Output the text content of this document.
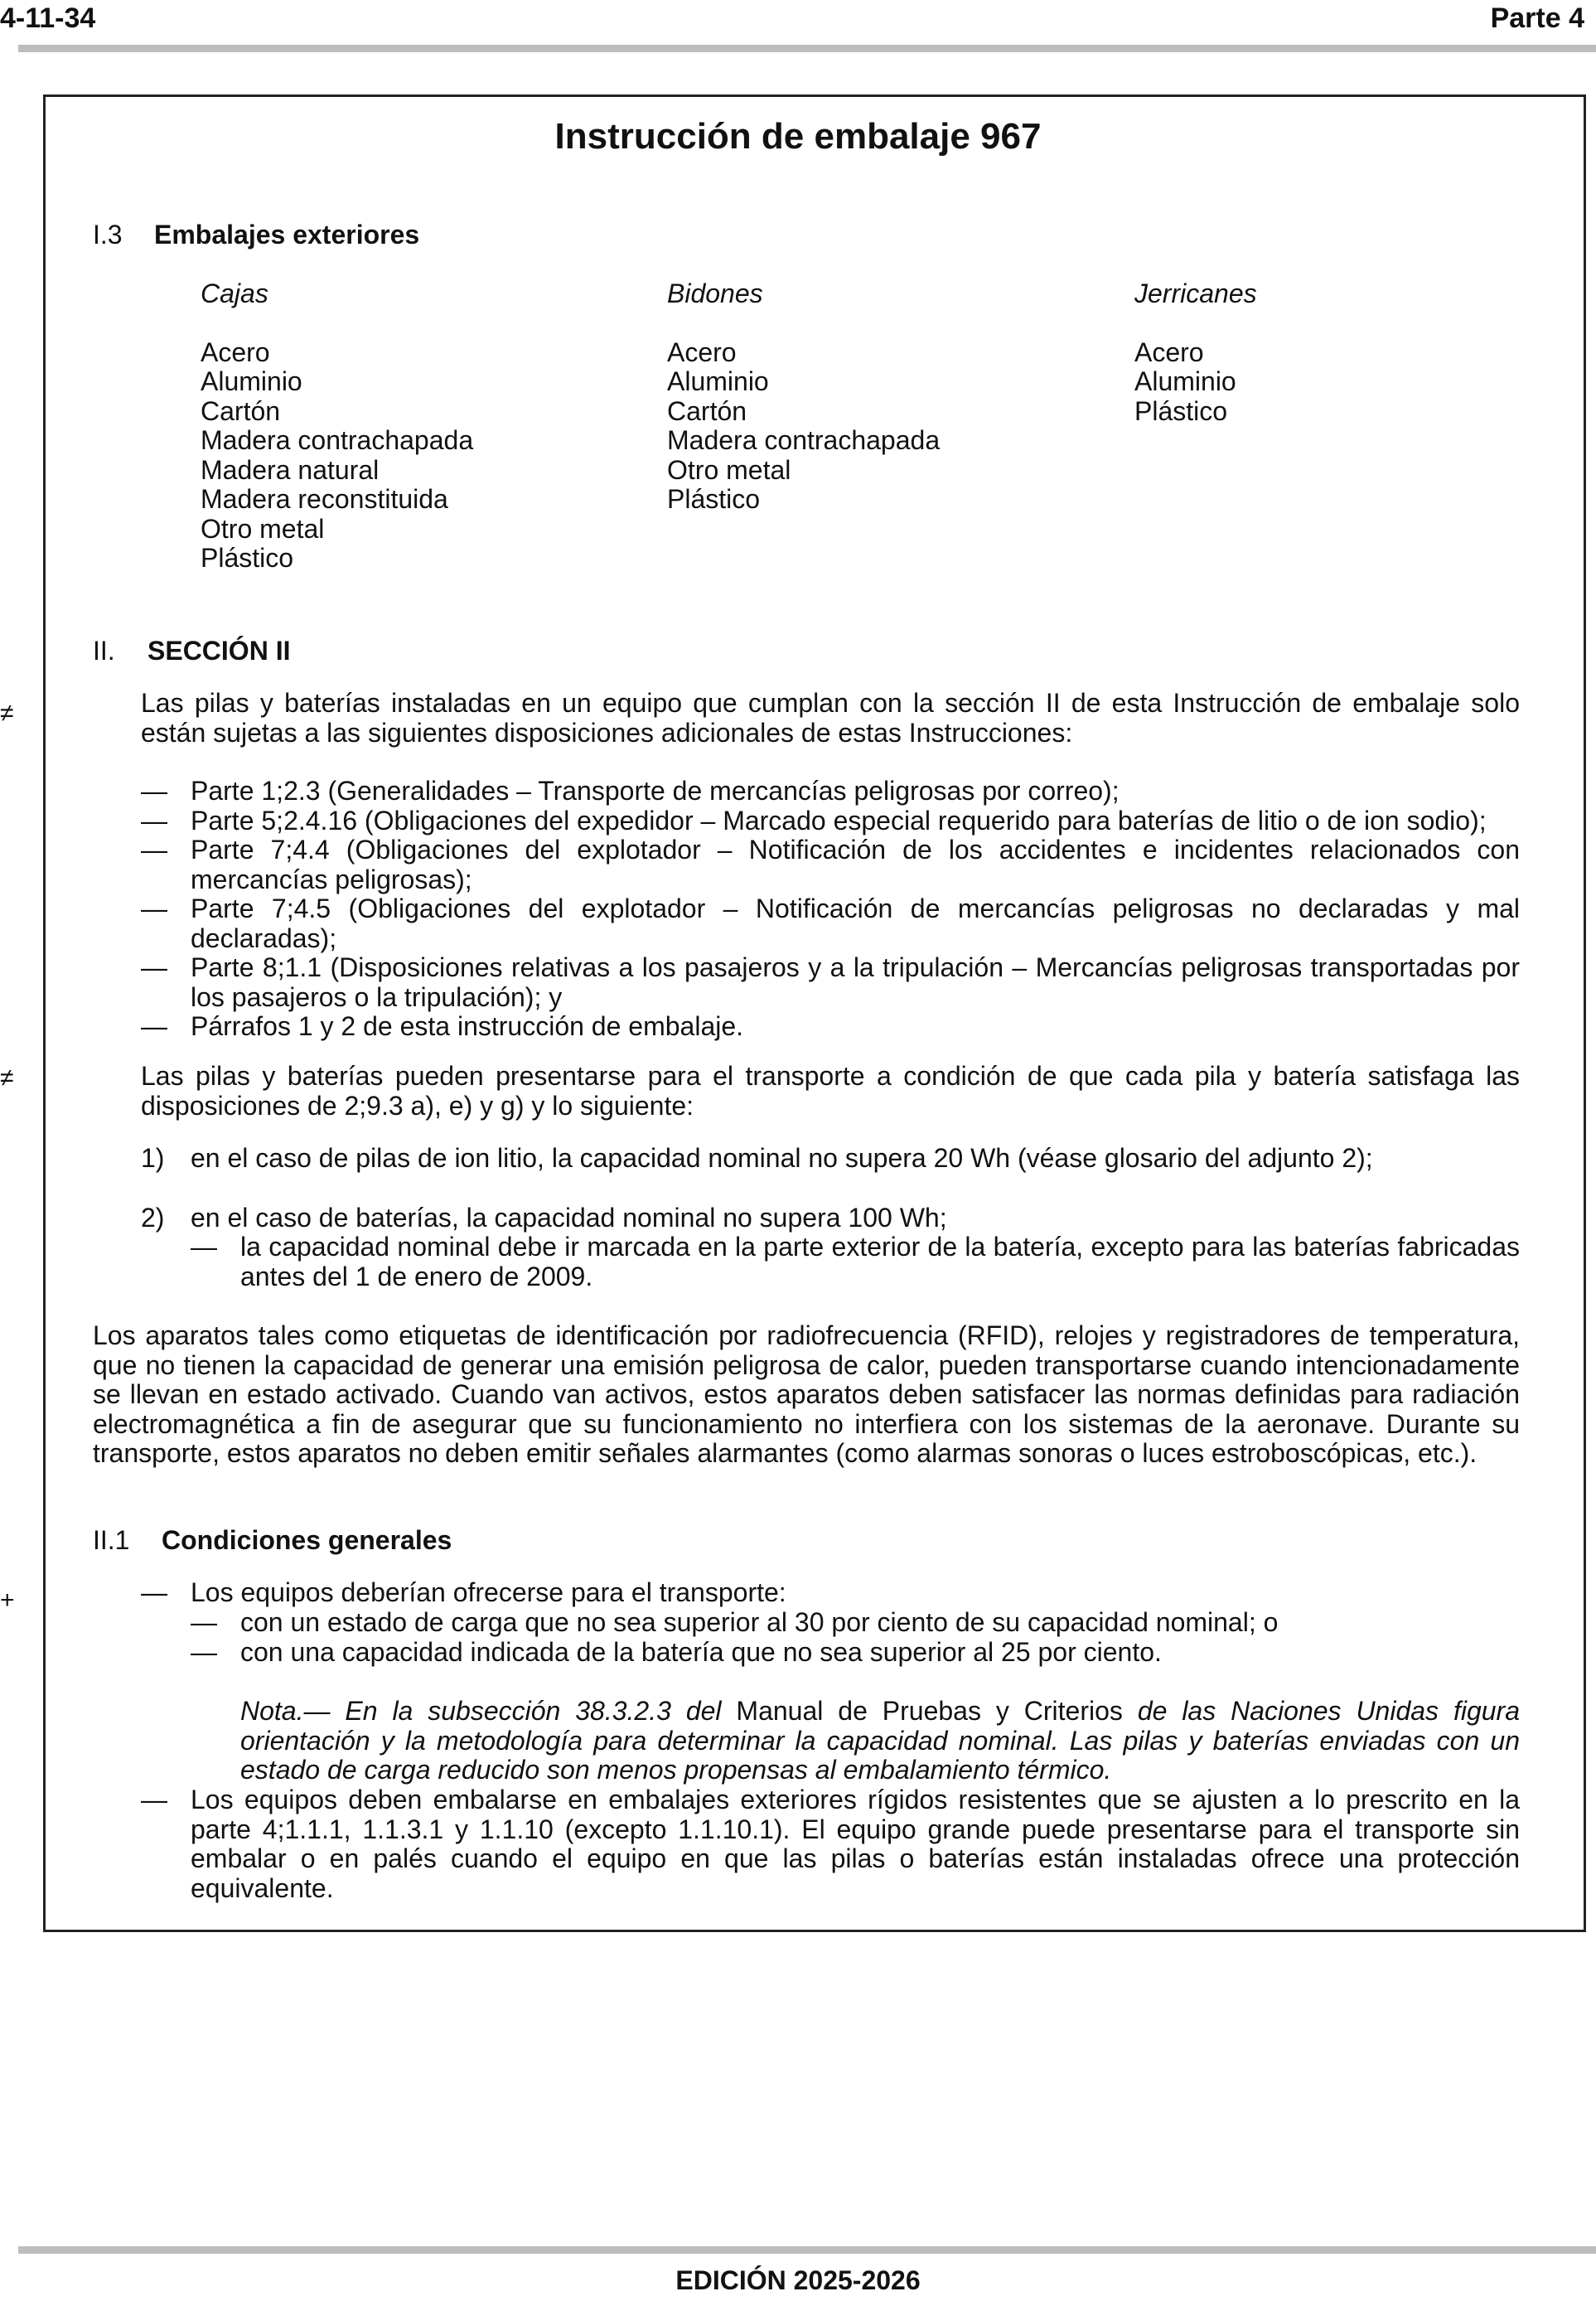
4-11-34	Parte 4
≠
≠
+
Instrucción de embalaje 967
I.3 Embalajes exteriores
Cajas
Acero
Aluminio
Cartón
Madera contrachapada
Madera natural
Madera reconstituida
Otro metal
Plástico
Bidones
Acero
Aluminio
Cartón
Madera contrachapada
Otro metal
Plástico
Jerricanes
Acero
Aluminio
Plástico
II. SECCIÓN II
Las pilas y baterías instaladas en un equipo que cumplan con la sección II de esta Instrucción de embalaje solo están sujetas a las siguientes disposiciones adicionales de estas Instrucciones:
— Parte 1;2.3 (Generalidades – Transporte de mercancías peligrosas por correo);
— Parte 5;2.4.16 (Obligaciones del expedidor – Marcado especial requerido para baterías de litio o de ion sodio);
— Parte 7;4.4 (Obligaciones del explotador – Notificación de los accidentes e incidentes relacionados con mercancías peligrosas);
— Parte 7;4.5 (Obligaciones del explotador – Notificación de mercancías peligrosas no declaradas y mal declaradas);
— Parte 8;1.1 (Disposiciones relativas a los pasajeros y a la tripulación – Mercancías peligrosas transportadas por los pasajeros o la tripulación); y
— Párrafos 1 y 2 de esta instrucción de embalaje.
Las pilas y baterías pueden presentarse para el transporte a condición de que cada pila y batería satisfaga las disposiciones de 2;9.3 a), e) y g) y lo siguiente:
1) en el caso de pilas de ion litio, la capacidad nominal no supera 20 Wh (véase glosario del adjunto 2);
2) en el caso de baterías, la capacidad nominal no supera 100 Wh;
— la capacidad nominal debe ir marcada en la parte exterior de la batería, excepto para las baterías fabricadas antes del 1 de enero de 2009.
Los aparatos tales como etiquetas de identificación por radiofrecuencia (RFID), relojes y registradores de temperatura, que no tienen la capacidad de generar una emisión peligrosa de calor, pueden transportarse cuando intencionadamente se llevan en estado activado. Cuando van activos, estos aparatos deben satisfacer las normas definidas para radiación electromagnética a fin de asegurar que su funcionamiento no interfiera con los sistemas de la aeronave. Durante su transporte, estos aparatos no deben emitir señales alarmantes (como alarmas sonoras o luces estroboscópicas, etc.).
II.1 Condiciones generales
— Los equipos deberían ofrecerse para el transporte:
— con un estado de carga que no sea superior al 30 por ciento de su capacidad nominal; o
— con una capacidad indicada de la batería que no sea superior al 25 por ciento.
Nota.— En la subsección 38.3.2.3 del Manual de Pruebas y Criterios de las Naciones Unidas figura orientación y la metodología para determinar la capacidad nominal. Las pilas y baterías enviadas con un estado de carga reducido son menos propensas al embalamiento térmico.
— Los equipos deben embalarse en embalajes exteriores rígidos resistentes que se ajusten a lo prescrito en la parte 4;1.1.1, 1.1.3.1 y 1.1.10 (excepto 1.1.10.1). El equipo grande puede presentarse para el transporte sin embalar o en palés cuando el equipo en que las pilas o baterías están instaladas ofrece una protección equivalente.
EDICIÓN 2025-2026
